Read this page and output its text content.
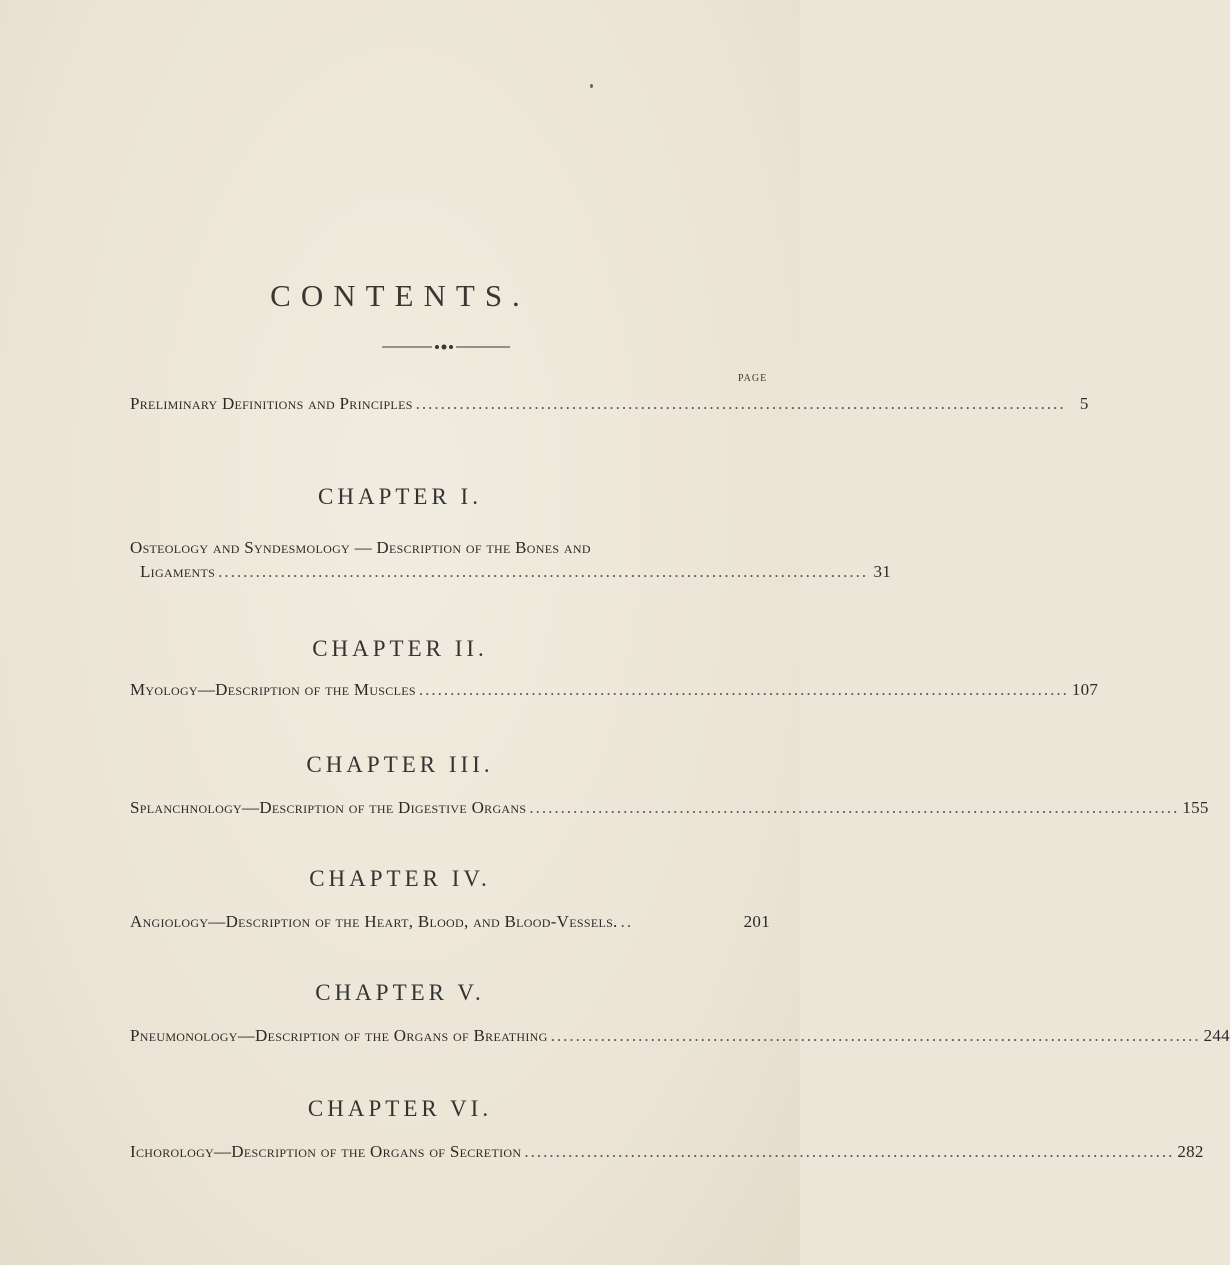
CONTENTS.
PAGE
Preliminary Definitions and Principles ........................................................................................................ 5
CHAPTER I.
Osteology and Syndesmology — Description of the Bones and
Ligaments ........................................................................................................ 31
CHAPTER II.
Myology—Description of the Muscles ........................................................................................................ 107
CHAPTER III.
Splanchnology—Description of the Digestive Organs ........................................................................................................ 155
CHAPTER IV.
Angiology—Description of the Heart, Blood, and Blood-Vessels. ..	201
CHAPTER V.
Pneumonology—Description of the Organs of Breathing ........................................................................................................ 244
CHAPTER VI.
Ichorology—Description of the Organs of Secretion ........................................................................................................ 282
